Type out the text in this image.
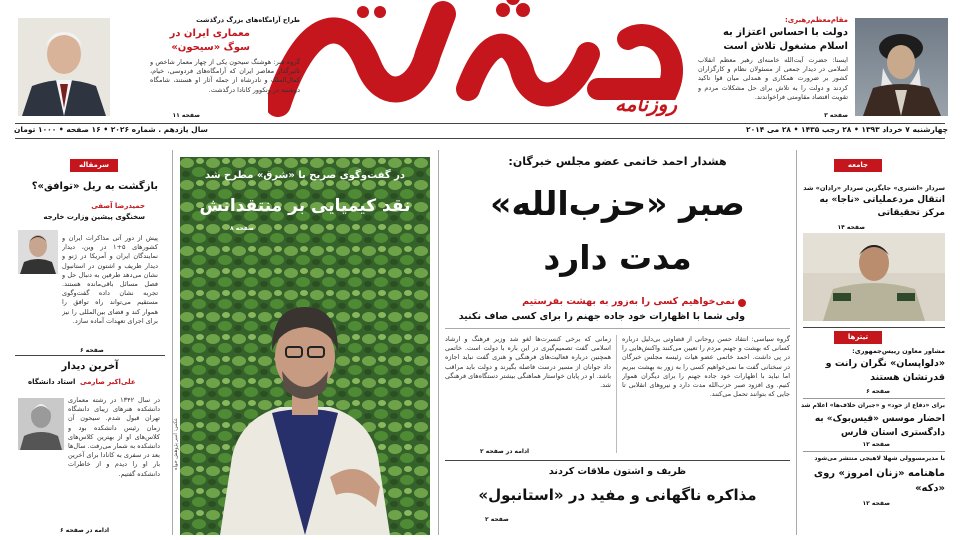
مقام‌معظم‌رهبری:
دولت با احساس اعتزاز به اسلام مشغول تلاش است
ایسنا: حضرت آیت‌الله خامنه‌ای رهبر معظم انقلاب اسلامی در دیدار جمعی از مسئولان نظام و کارگزاران کشور بر ضرورت همکاری و همدلی میان قوا تاکید کردند و دولت را به تلاش برای حل مشکلات مردم و تقویت اقتصاد مقاومتی فراخواندند.
صفحه ۳
روزنامه
طراح آرامگاه‌های بزرگ درگذشت
معماری ایران در سوگ «سیحون»
گروه هنر: هوشنگ سیحون یکی از چهار معمار شاخص و تاثیرگذار معاصر ایران که آرامگاه‌های فردوسی، خیام، کمال‌الملک و نادرشاه از جمله آثار او هستند، شامگاه دوشنبه در ونکوور کانادا درگذشت.
صفحه ۱۱
چهارشنبه ۷ خرداد ۱۳۹۳ • ۲۸ رجب ۱۴۳۵ • ۲۸ می ۲۰۱۴
سال یازدهم . شماره ۲۰۲۶ • ۱۶ صفحه • ۱۰۰۰ تومان
جامعه
سردار «اشتری» جایگزین سردار «رادان» شد
انتقال مردعملیاتی «ناجا» به مرکز تحقیقاتی
صفحه ۱۴
تیترها
مشاور معاون رییس‌جمهوری:
«دلواپسان» نگران رانت و قدرتشان هستند
صفحه ۶
برای «دفاع از خود» و «جبران خلاف‌ها» اعلام شد
احضار موسس «فیس‌بوک» به دادگستری استان فارس
صفحه ۱۲
با مدیرمسوولی شهلا لاهیجی منتشر می‌شود
ماهنامه «زنان امروز» روی «دکه»
صفحه ۱۲
هشدار احمد خاتمی عضو مجلس خبرگان:
صبر «حزب‌الله»
مدت دارد
نمی‌خواهیم کسی را به‌زور به بهشت بفرستیم
ولی شما با اظهارات خود جاده جهنم را برای کسی صاف نکنید
گروه سیاسی: انتقاد حسن روحانی از قضاوتی بی‌دلیل درباره کسانی که بهشت و جهنم مردم را تعیین می‌کنند واکنش‌هایی را در پی داشت. احمد خاتمی عضو هیات رئیسه مجلس خبرگان در سخنانی گفت ما نمی‌خواهیم کسی را به زور به بهشت ببریم اما نباید با اظهارات خود جاده جهنم را برای دیگران هموار کنیم. وی افزود صبر حزب‌الله مدت دارد و نیروهای انقلابی تا جایی که بتوانند تحمل می‌کنند.
زمانی که برخی کنسرت‌ها لغو شد وزیر فرهنگ و ارشاد اسلامی گفت تصمیم‌گیری در این باره با دولت است. خاتمی همچنین درباره فعالیت‌های فرهنگی و هنری گفت نباید اجازه داد جوانان از مسیر درست فاصله بگیرند و دولت باید مراقب باشد. او در پایان خواستار هماهنگی بیشتر دستگاه‌های فرهنگی شد.
ادامه در صفحه ۲
ظریف و اشتون ملاقات کردند
مذاکره ناگهانی و مفید در «استانبول»
صفحه ۲
در گفت‌وگوی صریح با «شرق» مطرح شد
نقد کیمیایی بر منتقدانش
صفحه ۸
عکس: امیر پژوهش خواه
سرمقاله
بازگشت به ریل «توافق»؟
حمیدرضا آصفی
سخنگوی پیشین وزارت خارجه
پیش از دور آتی مذاکرات ایران و کشورهای ۵+۱ در وین، دیدار نمایندگان ایران و آمریکا در ژنو و دیدار ظریف و اشتون در استانبول نشان می‌دهد طرفین به دنبال حل و فصل مسائل باقی‌مانده هستند. تجربه نشان داده گفت‌وگوی مستقیم می‌تواند راه توافق را هموار کند و فضای بین‌المللی را نیز برای اجرای تعهدات آماده سازد.
صفحه ۶
آخرین دیدار
علی‌اکبر صارمی
استاد دانشگاه
در سال ۱۳۴۲ در رشته معماری دانشکده هنرهای زیبای دانشگاه تهران قبول شدم. سیحون آن زمان رئیس دانشکده بود و کلاس‌های او از بهترین کلاس‌های دانشکده به شمار می‌رفت. سال‌ها بعد در سفری به کانادا برای آخرین بار او را دیدم و از خاطرات دانشکده گفتیم.
ادامه در صفحه ۶
